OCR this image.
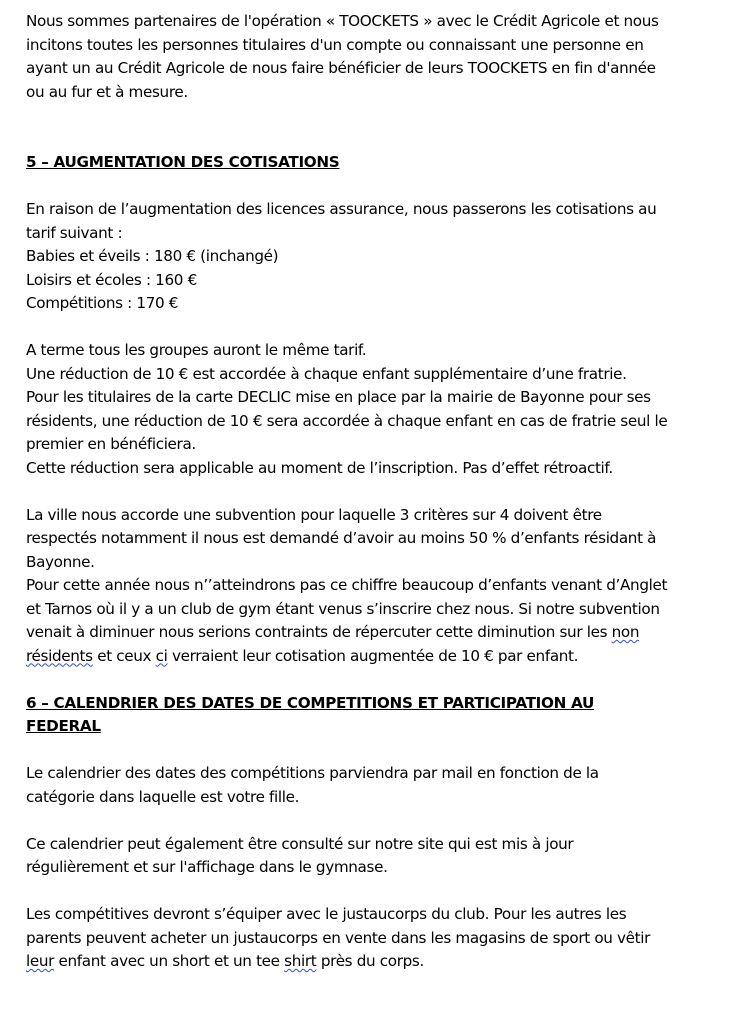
Nous sommes partenaires de l'opération « TOOCKETS » avec le Crédit Agricole et nous
incitons toutes les personnes titulaires d'un compte ou connaissant une personne en
ayant un au Crédit Agricole de nous faire bénéficier de leurs TOOCKETS en fin d'année
ou au fur et à mesure.
5 – AUGMENTATION DES COTISATIONS
En raison de l’augmentation des licences assurance, nous passerons les cotisations au
tarif suivant :
Babies et éveils : 180 € (inchangé)
Loisirs et écoles : 160 €
Compétitions : 170 €
A terme tous les groupes auront le même tarif.
Une réduction de 10 € est accordée à chaque enfant supplémentaire d’une fratrie.
Pour les titulaires de la carte DECLIC mise en place par la mairie de Bayonne pour ses
résidents, une réduction de 10 € sera accordée à chaque enfant en cas de fratrie seul le
premier en bénéficiera.
Cette réduction sera applicable au moment de l’inscription. Pas d’effet rétroactif.
La ville nous accorde une subvention pour laquelle 3 critères sur 4 doivent être
respectés notamment il nous est demandé d’avoir au moins 50 % d’enfants résidant à
Bayonne.
Pour cette année nous n’’atteindrons pas ce chiffre beaucoup d’enfants venant d’Anglet
et Tarnos où il y a un club de gym étant venus s’inscrire chez nous. Si notre subvention
venait à diminuer nous serions contraints de répercuter cette diminution sur les non
résidents et ceux ci verraient leur cotisation augmentée de 10 € par enfant.
6 – CALENDRIER DES DATES DE COMPETITIONS ET PARTICIPATION AU
FEDERAL
Le calendrier des dates des compétitions parviendra par mail en fonction de la
catégorie dans laquelle est votre fille.
Ce calendrier peut également être consulté sur notre site qui est mis à jour
régulièrement et sur l'affichage dans le gymnase.
Les compétitives devront s’équiper avec le justaucorps du club. Pour les autres les
parents peuvent acheter un justaucorps en vente dans les magasins de sport ou vêtir
leur enfant avec un short et un tee shirt près du corps.
